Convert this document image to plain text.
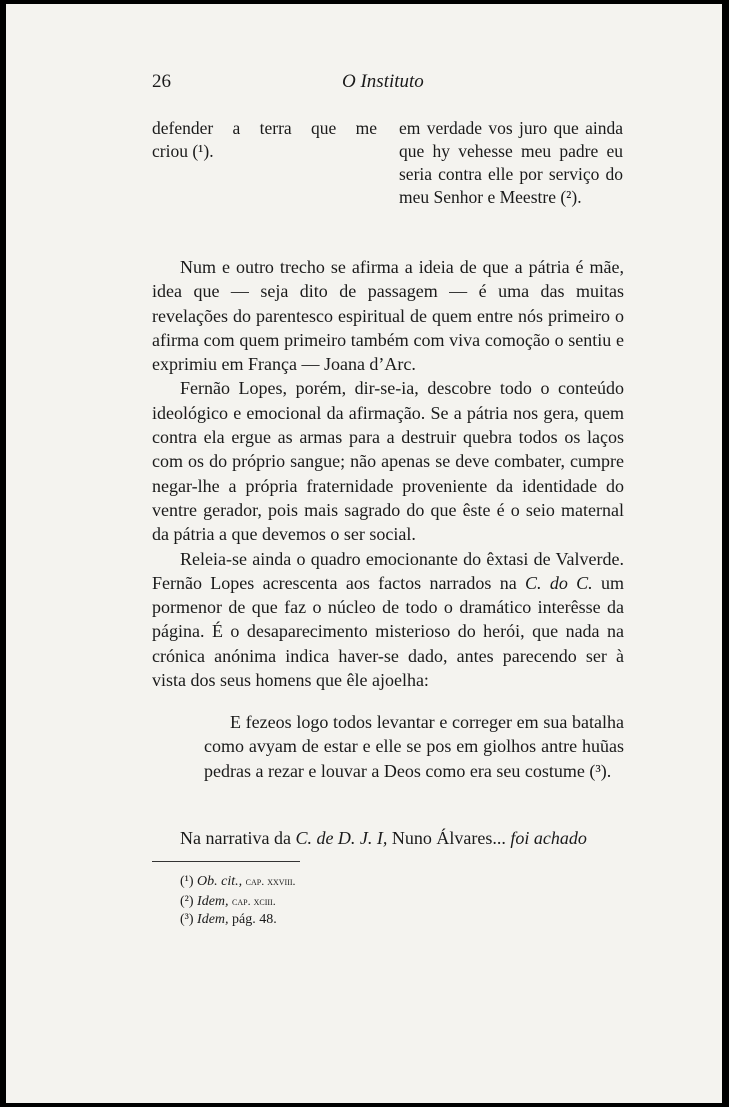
26	O Instituto
defender a terra que me
criou (¹).
em verdade vos juro que ainda que hy vehesse meu padre eu seria contra elle por serviço do meu Senhor e Meestre (²).

Num e outro trecho se afirma a ideia de que a pátria é mãe, idea que — seja dito de passagem — é uma das muitas revelações do parentesco espiritual de quem entre nós primeiro o afirma com quem primeiro também com viva comoção o sentiu e exprimiu em França — Joana d’Arc.

Fernão Lopes, porém, dir-se-ia, descobre todo o conteúdo ideológico e emocional da afirmação. Se a pátria nos gera, quem contra ela ergue as armas para a destruir quebra todos os laços com os do próprio sangue; não apenas se deve combater, cumpre negar-lhe a própria fraternidade proveniente da identidade do ventre gerador, pois mais sagrado do que êste é o seio maternal da pátria a que devemos o ser social.

Releia-se ainda o quadro emocionante do êxtasi de Valverde. Fernão Lopes acrescenta aos factos narrados na C. do C. um pormenor de que faz o núcleo de todo o dramático interêsse da página. É o desaparecimento misterioso do herói, que nada na crónica anónima indica haver-se dado, antes parecendo ser à vista dos seus homens que êle ajoelha:

E fezeos logo todos levantar e correger em sua batalha como avyam de estar e elle se pos em giolhos antre huũas pedras a rezar e louvar a Deos como era seu costume (³).

Na narrativa da C. de D. J. I, Nuno Álvares... foi achado
(¹) Ob. cit., cap. xxviii.
(²) Idem, cap. xciii.
(³) Idem, pág. 48.
